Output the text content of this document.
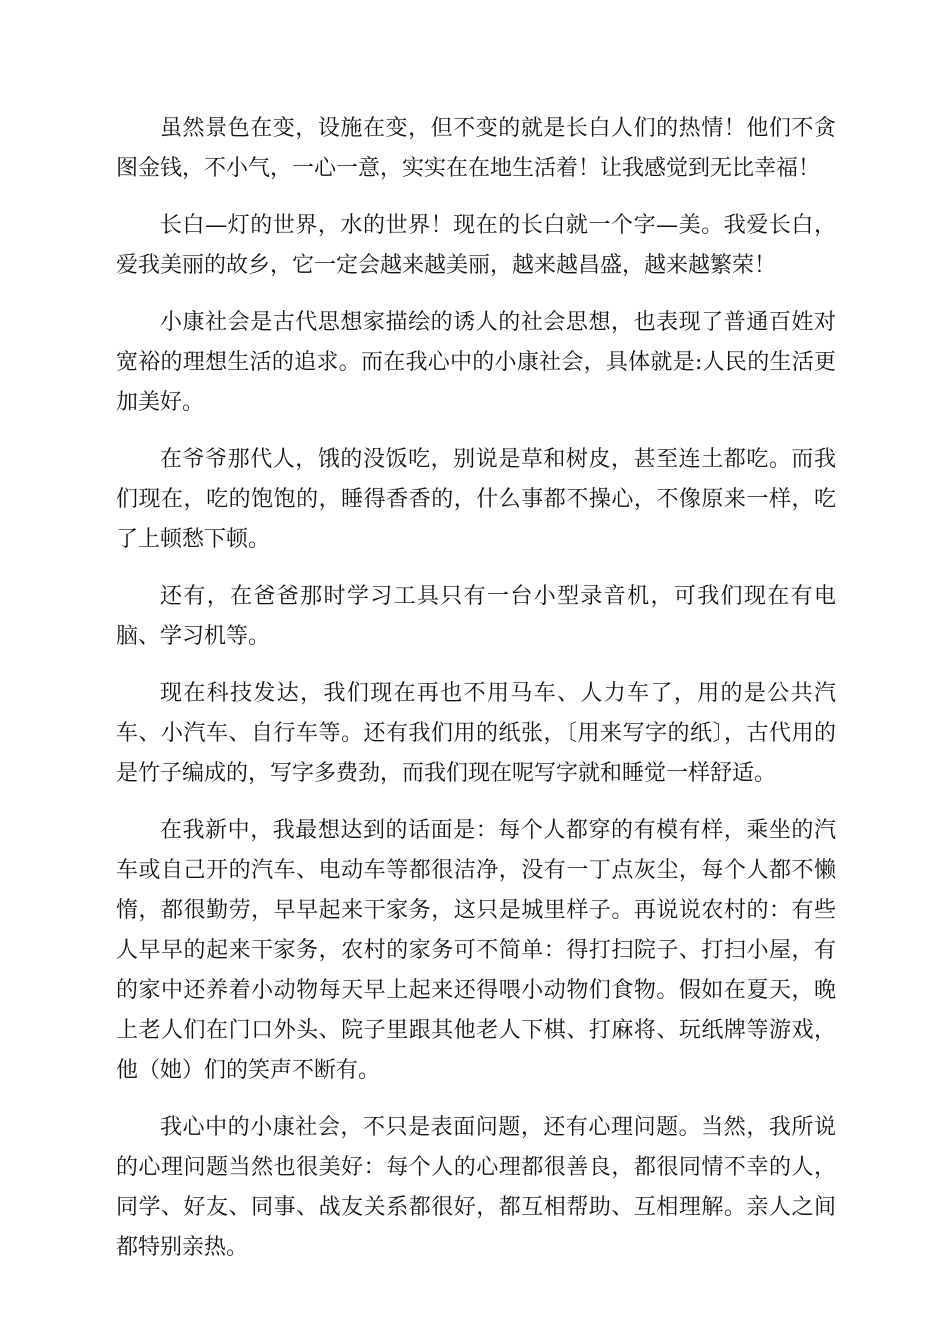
虽然景色在变，设施在变，但不变的就是长白人们的热情！他们不贪图金钱，不小气，一心一意，实实在在地生活着！让我感觉到无比幸福！

长白—灯的世界，水的世界！现在的长白就一个字—美。我爱长白，爱我美丽的故乡，它一定会越来越美丽，越来越昌盛，越来越繁荣！

小康社会是古代思想家描绘的诱人的社会思想，也表现了普通百姓对宽裕的理想生活的追求。而在我心中的小康社会，具体就是:人民的生活更加美好。

在爷爷那代人，饿的没饭吃，别说是草和树皮，甚至连土都吃。而我们现在，吃的饱饱的，睡得香香的，什么事都不操心，不像原来一样，吃了上顿愁下顿。

还有，在爸爸那时学习工具只有一台小型录音机，可我们现在有电脑、学习机等。

现在科技发达，我们现在再也不用马车、人力车了，用的是公共汽车、小汽车、自行车等。还有我们用的纸张，〔用来写字的纸〕，古代用的是竹子编成的，写字多费劲，而我们现在呢写字就和睡觉一样舒适。

在我新中，我最想达到的话面是：每个人都穿的有模有样，乘坐的汽车或自己开的汽车、电动车等都很洁净，没有一丁点灰尘，每个人都不懒惰，都很勤劳，早早起来干家务，这只是城里样子。再说说农村的：有些人早早的起来干家务，农村的家务可不简单：得打扫院子、打扫小屋，有的家中还养着小动物每天早上起来还得喂小动物们食物。假如在夏天，晚上老人们在门口外头、院子里跟其他老人下棋、打麻将、玩纸牌等游戏，他（她）们的笑声不断有。

我心中的小康社会，不只是表面问题，还有心理问题。当然，我所说的心理问题当然也很美好：每个人的心理都很善良，都很同情不幸的人，同学、好友、同事、战友关系都很好，都互相帮助、互相理解。亲人之间都特别亲热。
